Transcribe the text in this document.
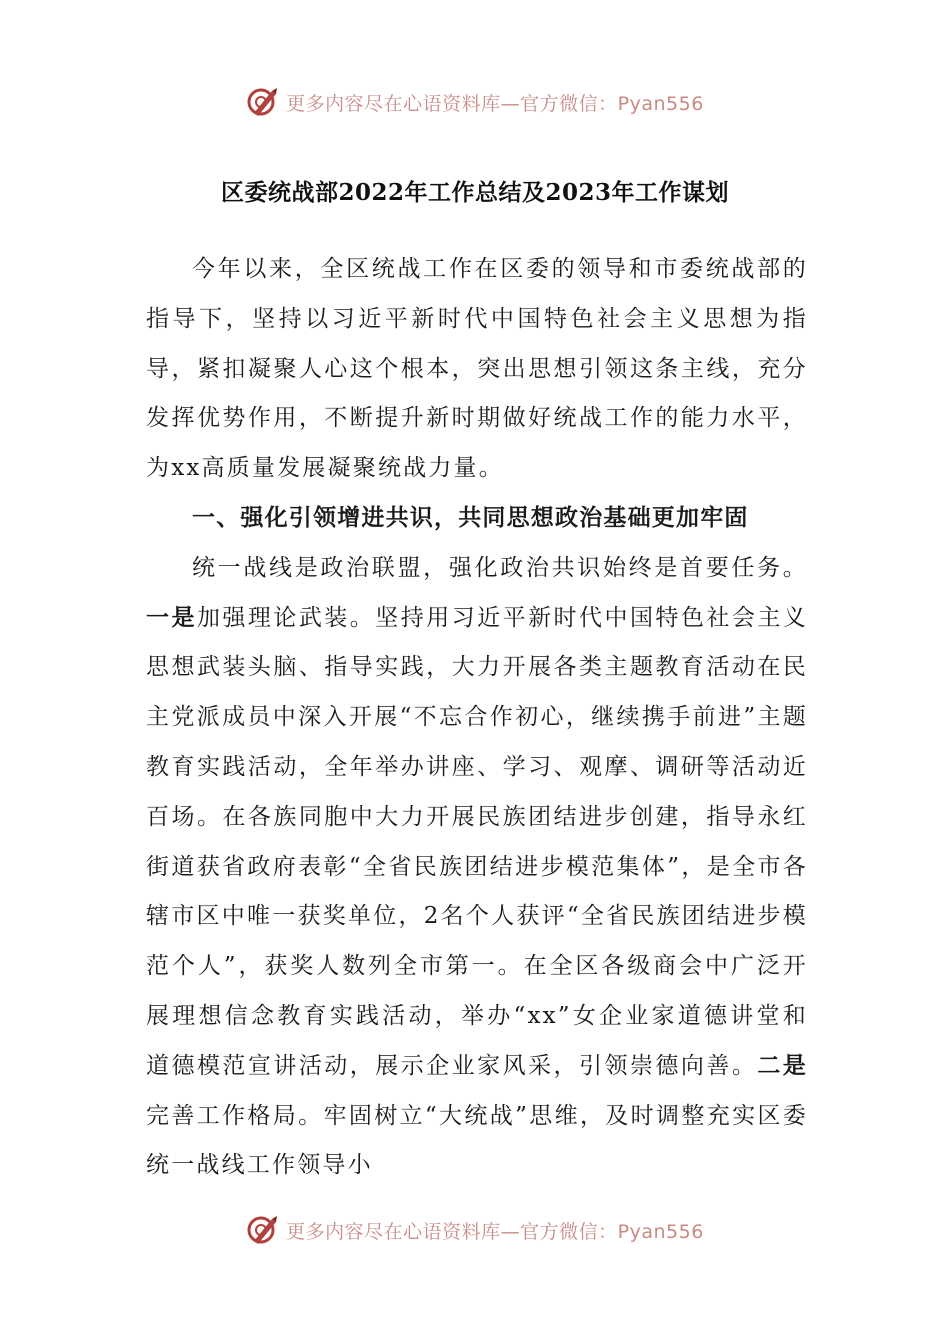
更多内容尽在心语资料库—官方微信：Pyan556
区委统战部2022年工作总结及2023年工作谋划

今年以来，全区统战工作在区委的领导和市委统战部的指导下，坚持以习近平新时代中国特色社会主义思想为指导，紧扣凝聚人心这个根本，突出思想引领这条主线，充分发挥优势作用，不断提升新时期做好统战工作的能力水平，为xx高质量发展凝聚统战力量。

一、强化引领增进共识，共同思想政治基础更加牢固

统一战线是政治联盟，强化政治共识始终是首要任务。一是加强理论武装。坚持用习近平新时代中国特色社会主义思想武装头脑、指导实践，大力开展各类主题教育活动在民主党派成员中深入开展“不忘合作初心，继续携手前进”主题教育实践活动，全年举办讲座、学习、观摩、调研等活动近百场。在各族同胞中大力开展民族团结进步创建，指导永红街道获省政府表彰“全省民族团结进步模范集体”，是全市各辖市区中唯一获奖单位，2名个人获评“全省民族团结进步模范个人”，获奖人数列全市第一。在全区各级商会中广泛开展理想信念教育实践活动，举办“xx”女企业家道德讲堂和道德模范宣讲活动，展示企业家风采，引领崇德向善。二是完善工作格局。牢固树立“大统战”思维，及时调整充实区委统一战线工作领导小

更多内容尽在心语资料库—官方微信：Pyan556
